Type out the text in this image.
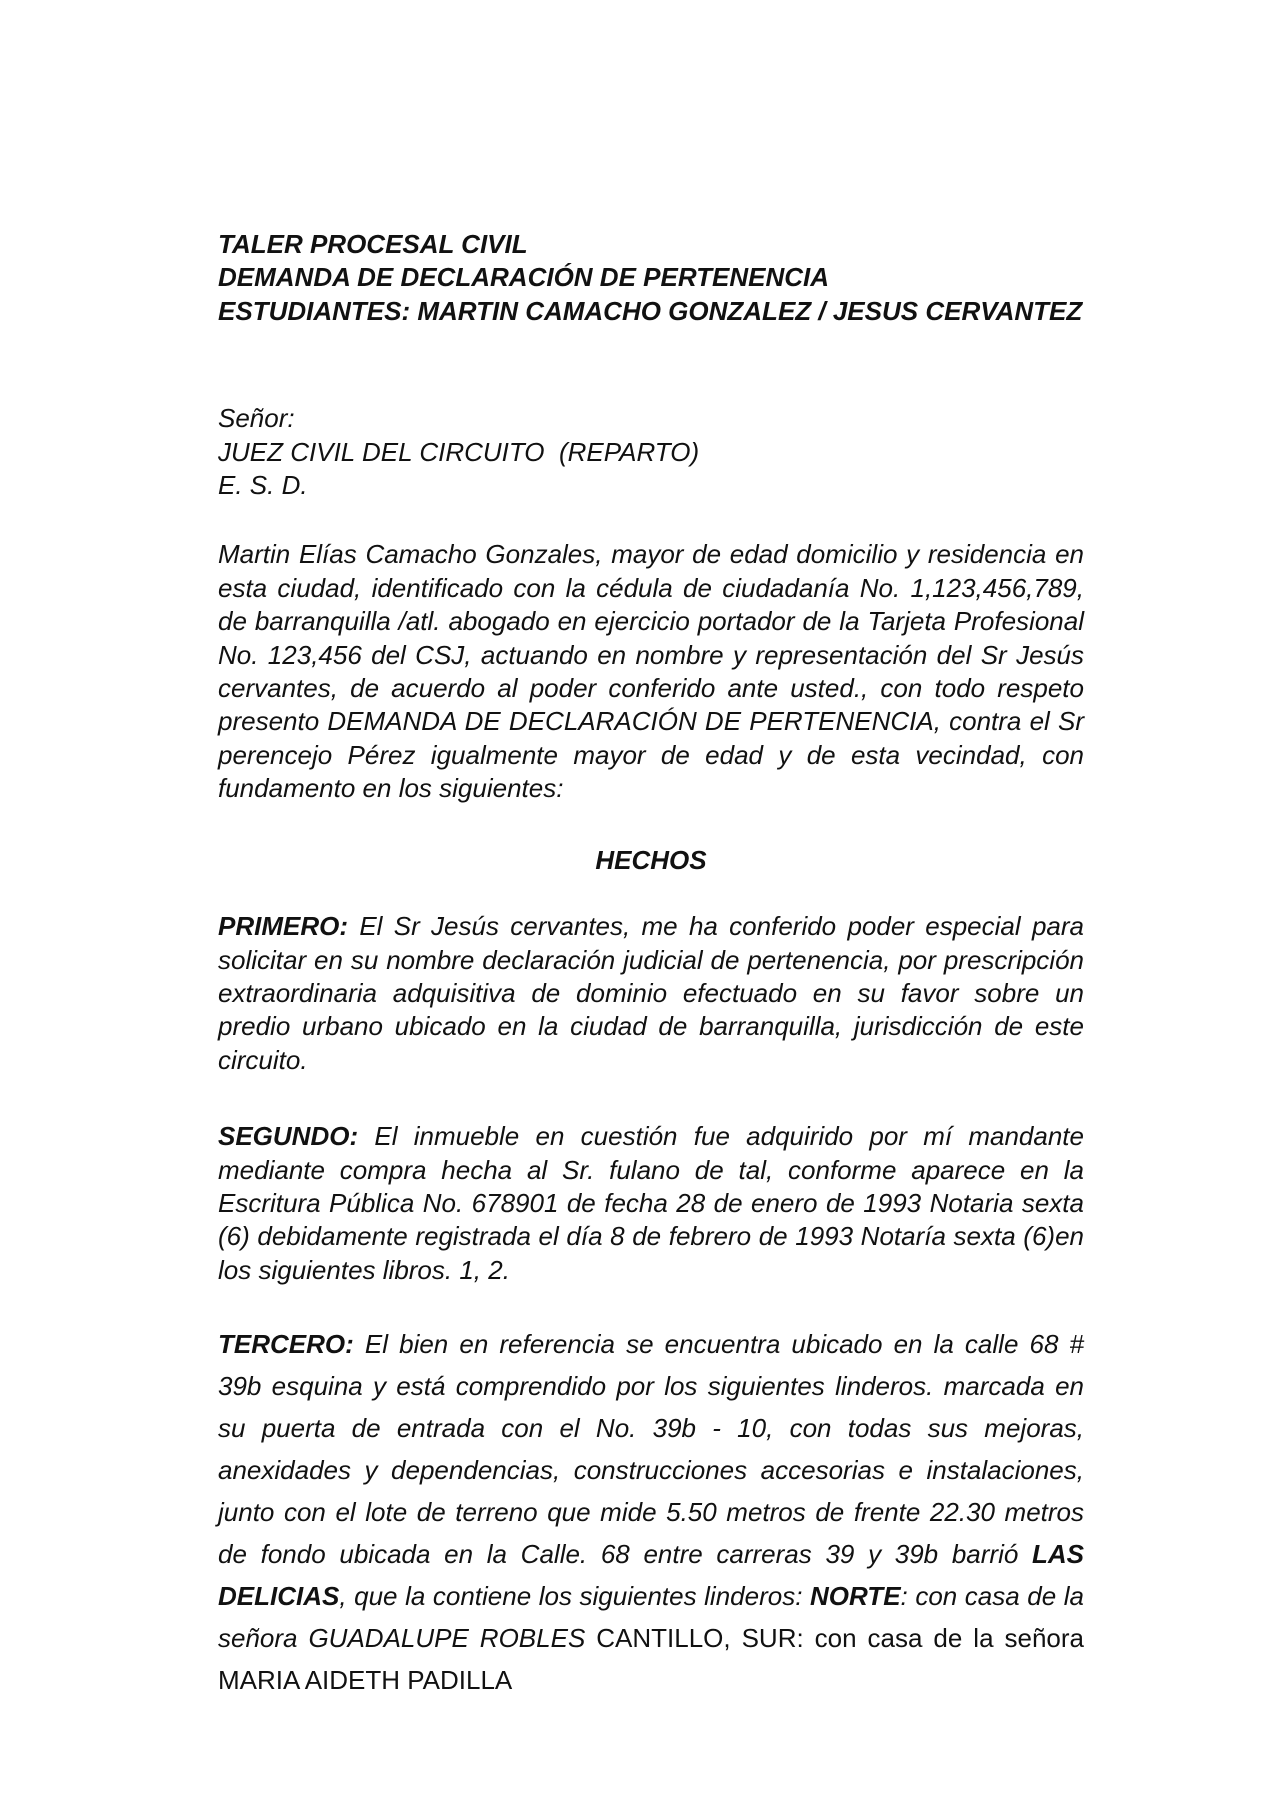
TALER PROCESAL CIVIL
DEMANDA DE DECLARACIÓN DE PERTENENCIA
ESTUDIANTES: MARTIN CAMACHO GONZALEZ / JESUS CERVANTEZ
Señor:
JUEZ CIVIL DEL CIRCUITO  (REPARTO)
E. S. D.

Martin Elías Camacho Gonzales, mayor de edad domicilio y residencia en esta ciudad, identificado con la cédula de ciudadanía No. 1,123,456,789, de barranquilla /atl. abogado en ejercicio portador de la Tarjeta Profesional No. 123,456 del CSJ, actuando en nombre y representación del Sr Jesús cervantes, de acuerdo al poder conferido ante usted., con todo respeto presento DEMANDA DE DECLARACIÓN DE PERTENENCIA, contra el Sr perencejo Pérez igualmente mayor de edad y de esta vecindad, con fundamento en los siguientes:

HECHOS

PRIMERO: El Sr Jesús cervantes, me ha conferido poder especial para solicitar en su nombre declaración judicial de pertenencia, por prescripción extraordinaria adquisitiva de dominio efectuado en su favor sobre un predio urbano ubicado en la ciudad de barranquilla, jurisdicción de este circuito.

SEGUNDO: El inmueble en cuestión fue adquirido por mí mandante mediante compra hecha al Sr. fulano de tal, conforme aparece en la Escritura Pública No. 678901 de fecha 28 de enero de 1993 Notaria sexta (6) debidamente registrada el día 8 de febrero de 1993 Notaría sexta (6)en los siguientes libros. 1, 2.

TERCERO: El bien en referencia se encuentra ubicado en la calle 68 # 39b esquina y está comprendido por los siguientes linderos. marcada en su puerta de entrada con el No. 39b - 10, con todas sus mejoras, anexidades y dependencias, construcciones accesorias e instalaciones, junto con el lote de terreno que mide 5.50 metros de frente 22.30 metros de fondo ubicada en la Calle. 68 entre carreras 39 y 39b barrió LAS DELICIAS, que la contiene los siguientes linderos: NORTE: con casa de la señora GUADALUPE ROBLES CANTILLO, SUR: con casa de la señora MARIA AIDETH PADILLA
